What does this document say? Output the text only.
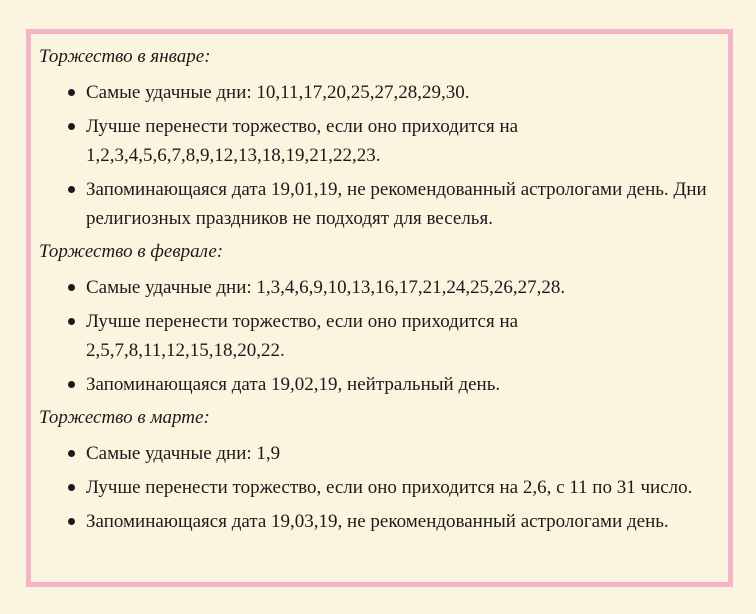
Торжество в январе:
Самые удачные дни: 10,11,17,20,25,27,28,29,30.
Лучше перенести торжество, если оно приходится на 1,2,3,4,5,6,7,8,9,12,13,18,19,21,22,23.
Запоминающаяся дата 19,01,19, не рекомендованный астрологами день. Дни религиозных праздников не подходят для веселья.
Торжество в феврале:
Самые удачные дни: 1,3,4,6,9,10,13,16,17,21,24,25,26,27,28.
Лучше перенести торжество, если оно приходится на 2,5,7,8,11,12,15,18,20,22.
Запоминающаяся дата 19,02,19, нейтральный день.
Торжество в марте:
Самые удачные дни: 1,9
Лучше перенести торжество, если оно приходится на 2,6, с 11 по 31 число.
Запоминающаяся дата 19,03,19, не рекомендованный астрологами день.
